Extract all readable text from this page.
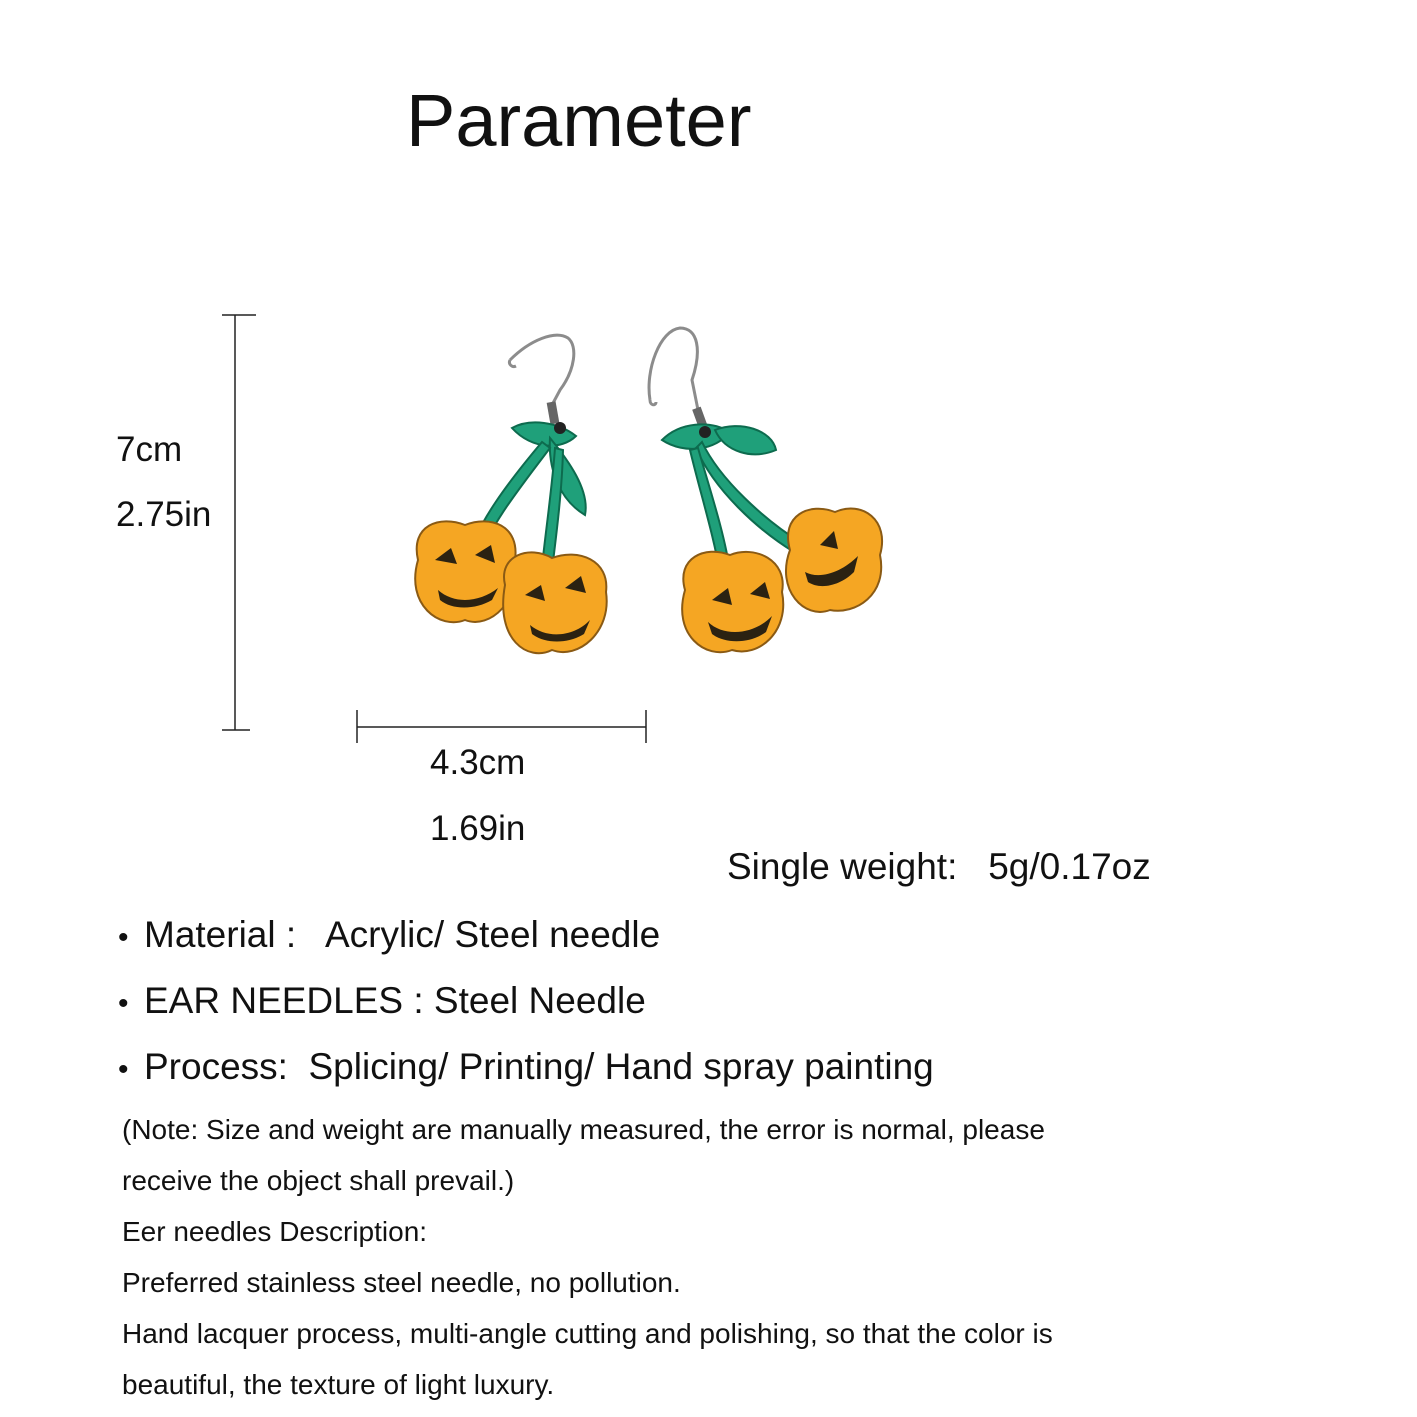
Parameter
7cm
2.75in
4.3cm
1.69in
Single weight: 5g/0.17oz
• Material :   Acrylic/ Steel needle
• EAR NEEDLES : Steel Needle
• Process:  Splicing/ Printing/ Hand spray painting
(Note: Size and weight are manually measured, the error is normal, please
receive the object shall prevail.)
Eer needles Description:
Preferred stainless steel needle, no pollution.
Hand lacquer process, multi-angle cutting and polishing, so that the color is
beautiful, the texture of light luxury.
